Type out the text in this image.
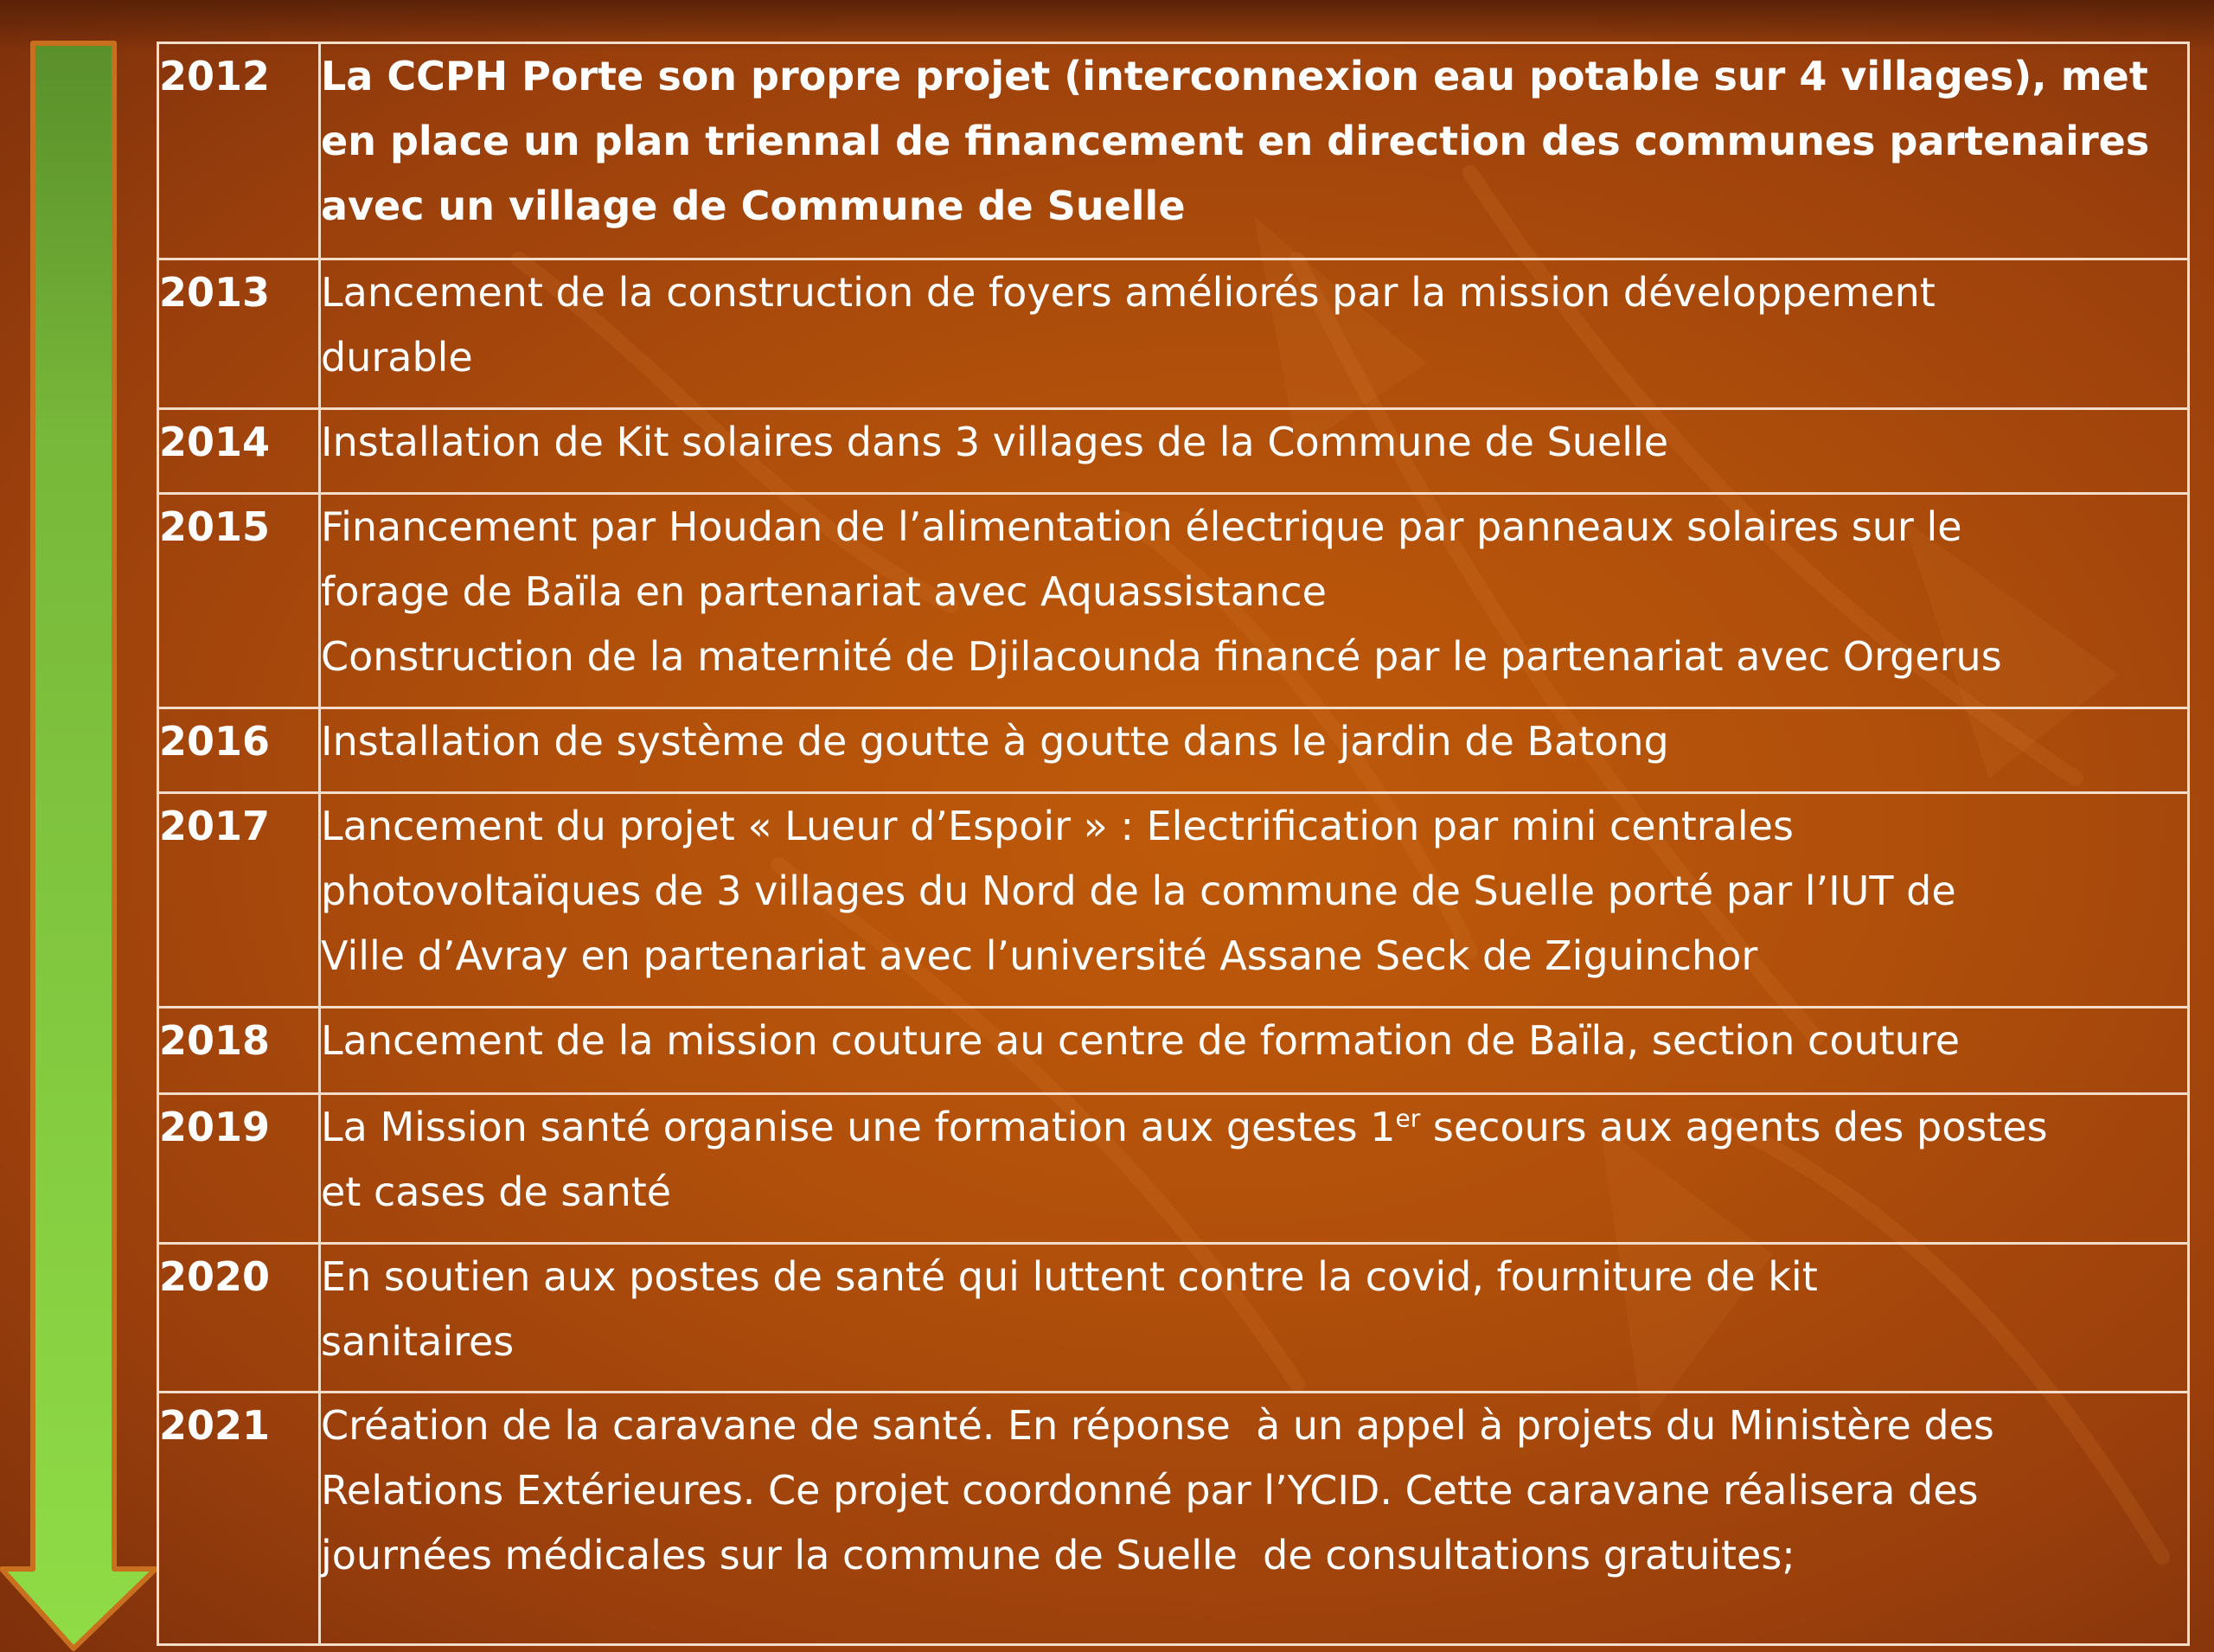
2012	La CCPH Porte son propre projet (interconnexion eau potable sur 4 villages), met
en place un plan triennal de financement en direction des communes partenaires
avec un village de Commune de Suelle

2013	Lancement de la construction de foyers améliorés par la mission développement
durable

2014	Installation de Kit solaires dans 3 villages de la Commune de Suelle

2015	Financement par Houdan de l’alimentation électrique par panneaux solaires sur le
forage de Baïla en partenariat avec Aquassistance
Construction de la maternité de Djilacounda financé par le partenariat avec Orgerus

2016	Installation de système de goutte à goutte dans le jardin de Batong

2017	Lancement du projet « Lueur d’Espoir » : Electrification par mini centrales
photovoltaïques de 3 villages du Nord de la commune de Suelle porté par l’IUT de
Ville d’Avray en partenariat avec l’université Assane Seck de Ziguinchor

2018	Lancement de la mission couture au centre de formation de Baïla, section couture

2019	La Mission santé organise une formation aux gestes 1er secours aux agents des postes
et cases de santé

2020	En soutien aux postes de santé qui luttent contre la covid, fourniture de kit
sanitaires

2021	Création de la caravane de santé. En réponse  à un appel à projets du Ministère des
Relations Extérieures. Ce projet coordonné par l’YCID. Cette caravane réalisera des
journées médicales sur la commune de Suelle  de consultations gratuites;
